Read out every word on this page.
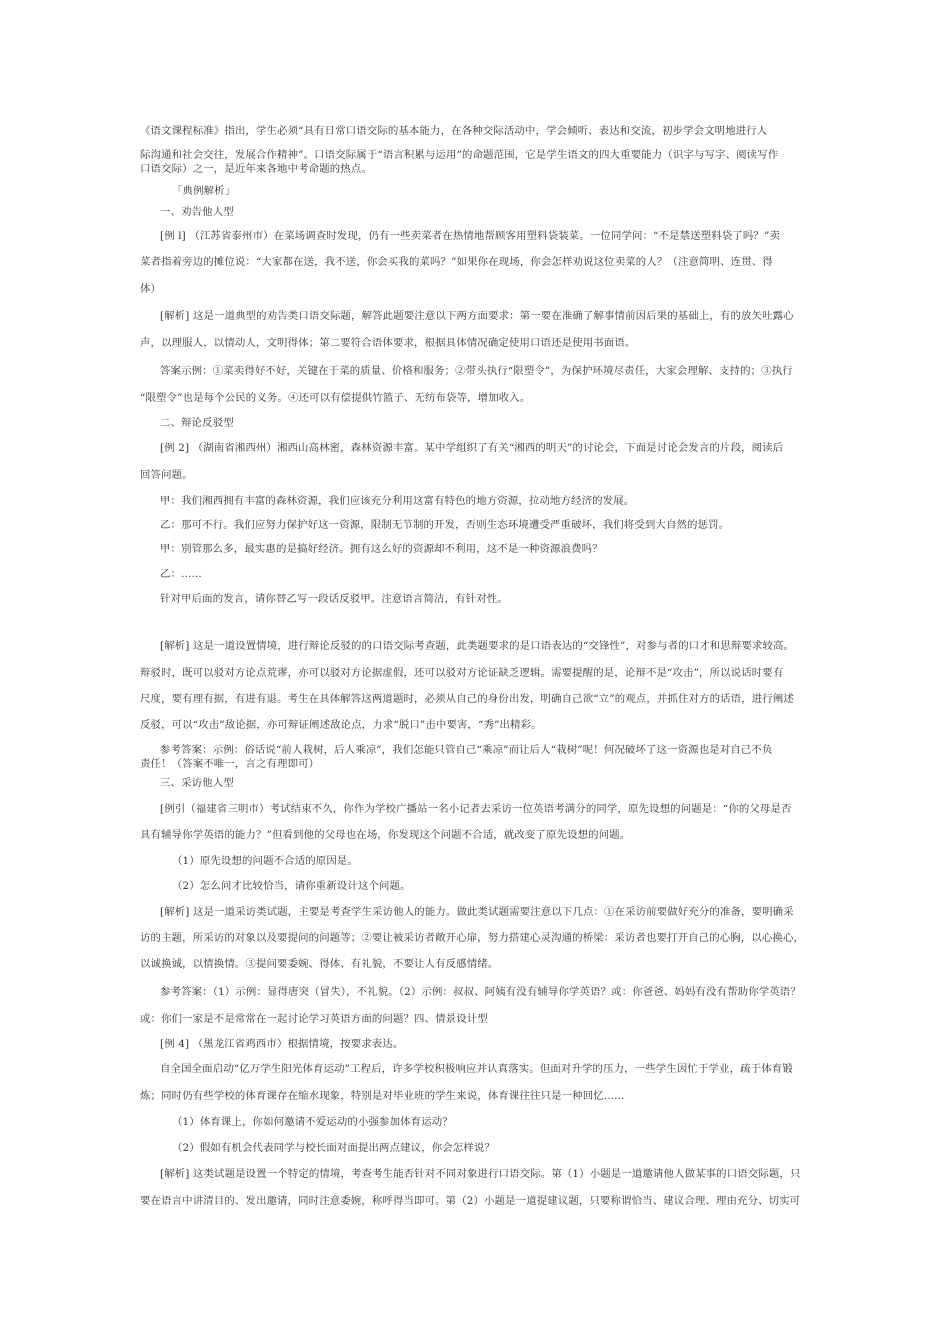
《语文课程标准》指出，学生必须“具有日常口语交际的基本能力，在各种交际活动中，学会倾听、表达和交流，初步学会文明地进行人
际沟通和社会交往，发展合作精神”。口语交际属于“语言积累与运用”的命题范围，它是学生语文的四大重要能力（识字与写字、阅读写作
口语交际）之一，是近年来各地中考命题的热点。
「典例解析」
一、劝告他人型
[例 l] （江苏省泰州市）在菜场调查时发现，仍有一些卖菜者在热情地帮顾客用塑料袋装菜。一位同学问：“不是禁送塑料袋了吗？”卖
菜者指着旁边的摊位说：“大家都在送，我不送，你会买我的菜吗？”如果你在现场，你会怎样劝说这位卖菜的人？（注意简明、连贯、得
体）
[解析] 这是一道典型的劝告类口语交际题，解答此题要注意以下两方面要求：第一要在准确了解事情前因后果的基础上，有的放矢吐露心
声，以理服人，以情动人，文明得体；第二要符合语体要求，根据具体情况确定使用口语还是使用书面语。
答案示例：①菜卖得好不好，关键在于菜的质量、价格和服务；②带头执行“限塑令”，为保护环境尽责任，大家会理解、支持的；③执行
“限塑令”也是每个公民的义务。④还可以有偿提供竹篮子、无纺布袋等，增加收入。
二、辩论反驳型
[例 2] （湖南省湘西州）湘西山高林密，森林资源丰富。某中学组织了有关“湘西的明天”的讨论会，下面是讨论会发言的片段，阅读后
回答问题。
甲：我们湘西拥有丰富的森林资源，我们应该充分利用这富有特色的地方资源，拉动地方经济的发展。
乙：那可不行。我们应努力保护好这一资源，限制无节制的开发，否则生态环境遭受严重破坏，我们将受到大自然的惩罚。
甲：别管那么多，最实惠的是搞好经济。拥有这么好的资源却不利用，这不是一种资源浪费吗？
乙：......
针对甲后面的发言，请你替乙写一段话反驳甲。注意语言简洁，有针对性。
[解析] 这是一道设置情境，进行辩论反驳的的口语交际考查题，此类题要求的是口语表达的“交锋性”，对参与者的口才和思辩要求较高。
辩驳时，既可以驳对方论点荒谬，亦可以驳对方论据虚假，还可以驳对方论证缺乏逻辑。需要提醒的是，论辩不是“攻击”，所以说话时要有
尺度，要有理有据，有进有退。考生在具体解答这两道题时，必须从自己的身份出发，明确自己欲“立”的观点，并抓住对方的话语，进行阐述
反驳，可以“攻击”敌论据，亦可辩证阐述敌论点，力求“脱口”击中要害，“秀”出精彩。
参考答案：示例：俗话说“前人栽树，后人乘凉”，我们怎能只管自己“乘凉”而让后人“栽树”呢！何况破坏了这一资源也是对自己不负
责任！（答案不唯一，言之有理即可）
三、采访他人型
[例引（福建省三明市）考试结束不久，你作为学校广播站一名小记者去采访一位英语考满分的同学，原先设想的问题是：“你的父母是否
具有辅导你学英语的能力？”但看到他的父母也在场，你发现这个问题不合适，就改变了原先设想的问题。
（1）原先设想的问题不合适的原因是。
（2）怎么问才比较恰当，请你重新设计这个问题。
[解析] 这是一道采访类试题，主要是考查学生采访他人的能力。做此类试题需要注意以下几点：①在采访前要做好充分的准备，要明确采
访的主题，所采访的对象以及要提问的问题等；②要让被采访者敞开心扉，努力搭建心灵沟通的桥梁：采访者也要打开自己的心胸，以心换心，
以诚换诚，以情换情。③提问要委婉、得体、有礼貌，不要让人有反感情绪。
参考答案：（1）示例：显得唐突（冒失），不礼貌。（2）示例：叔叔、阿姨有没有辅导你学英语？或：你爸爸、妈妈有没有帮助你学英语？
或：你们一家是不是常常在一起讨论学习英语方面的问题？四、情景设计型
[例 4] （黑龙江省鸡西市）根据情境，按要求表达。
自全国全面启动“亿万学生阳光体育运动”工程后，许多学校积极响应并认真落实。但面对升学的压力，一些学生因忙于学业，疏于体育锻
炼；同时仍有些学校的体育课存在缩水现象，特别是对毕业班的学生来说，体育课往往只是一种回忆......
（1）体育课上，你如何邀请不爱运动的小强参加体育运动？
（2）假如有机会代表同学与校长面对面提出两点建议，你会怎样说？
[解析] 这类试题是设置一个特定的情境，考查考生能否针对不同对象进行口语交际。第（1）小题是一道邀请他人做某事的口语交际题，只
要在语言中讲清目的、发出邀请，同时注意委婉，称呼得当即可。第（2）小题是一道提建议题，只要称谓恰当、建议合理、理由充分、切实可
